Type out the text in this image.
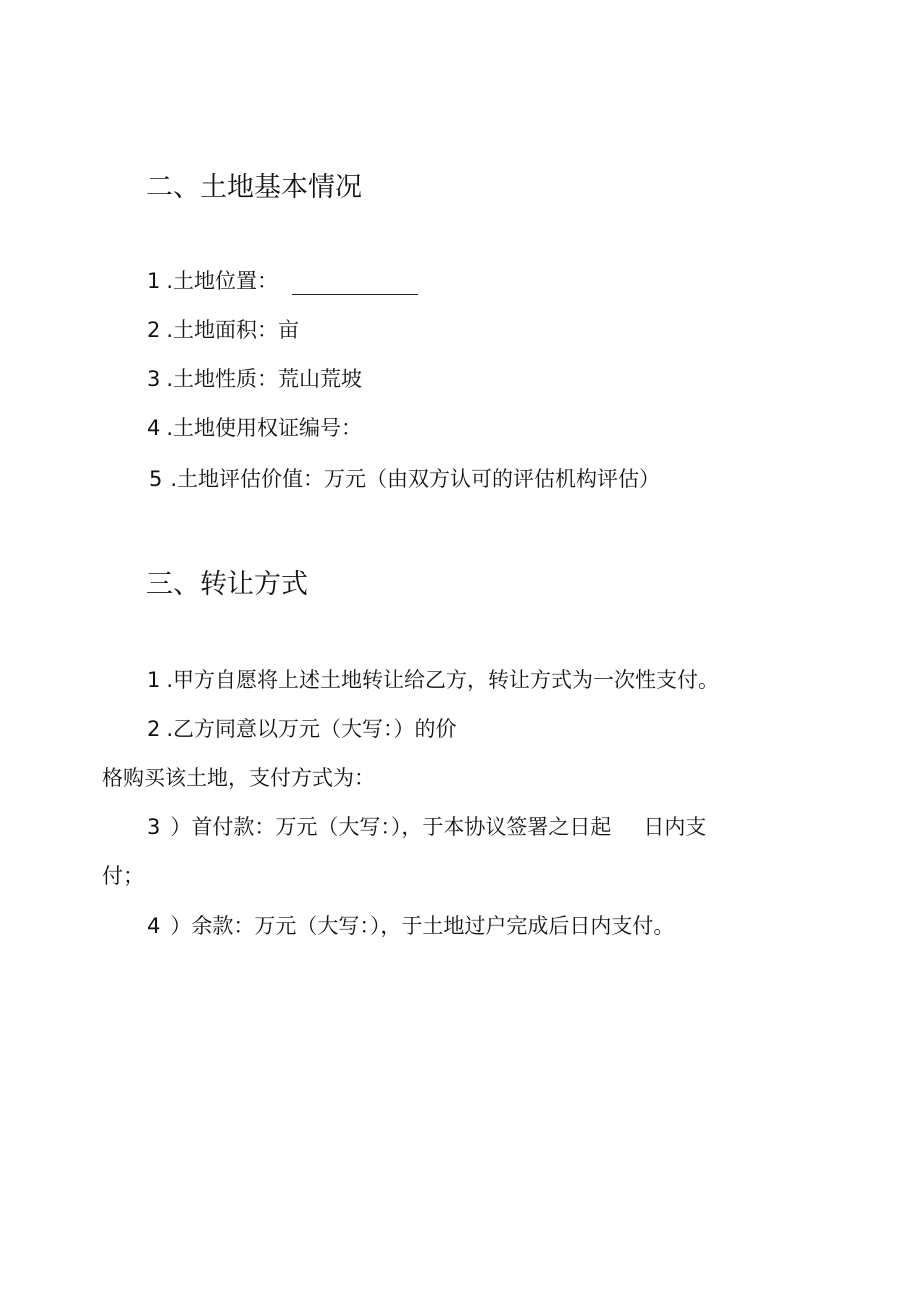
二、土地基本情况
1 .土地位置：
2 .土地面积：亩
3 .土地性质：荒山荒坡
4 .土地使用权证编号：
5 .土地评估价值：万元（由双方认可的评估机构评估）
三、转让方式
1 .甲方自愿将上述土地转让给乙方，转让方式为一次性支付。
2 .乙方同意以万元（大写：）的价
格购买该土地，支付方式为：
3 ）首付款：万元（大写：），于本协议签署之日起 日内支
付；
4 ）余款：万元（大写：），于土地过户完成后日内支付。
